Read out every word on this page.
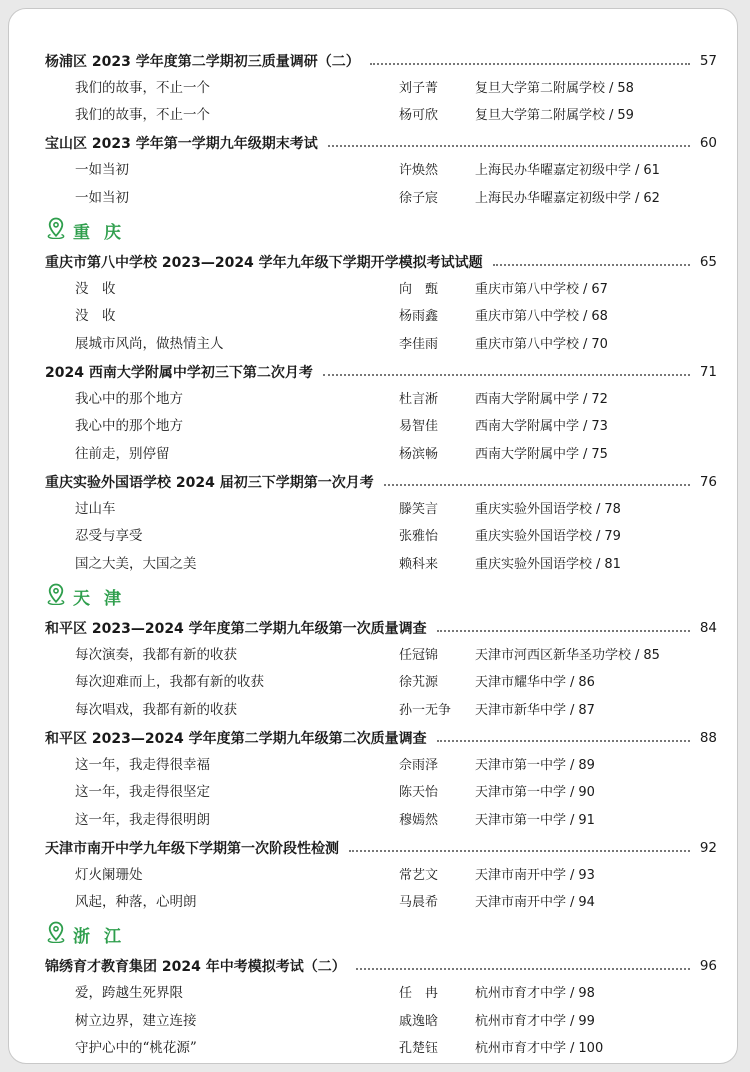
杨浦区 2023 学年度第二学期初三质量调研（二）	57
我们的故事，不止一个	刘子菁	复旦大学第二附属学校 / 58
我们的故事，不止一个	杨可欣	复旦大学第二附属学校 / 59
宝山区 2023 学年第一学期九年级期末考试	60
一如当初	许焕然	上海民办华曜嘉定初级中学 / 61
一如当初	徐子宸	上海民办华曜嘉定初级中学 / 62
重庆
重庆市第八中学校 2023—2024 学年九年级下学期开学模拟考试试题	65
没　收	向　甄	重庆市第八中学校 / 67
没　收	杨雨鑫	重庆市第八中学校 / 68
展城市风尚，做热情主人	李佳雨	重庆市第八中学校 / 70
2024 西南大学附属中学初三下第二次月考	71
我心中的那个地方	杜言淅	西南大学附属中学 / 72
我心中的那个地方	易智佳	西南大学附属中学 / 73
往前走，别停留	杨滨畅	西南大学附属中学 / 75
重庆实验外国语学校 2024 届初三下学期第一次月考	76
过山车	滕笑言	重庆实验外国语学校 / 78
忍受与享受	张雅怡	重庆实验外国语学校 / 79
国之大美，大国之美	赖科来	重庆实验外国语学校 / 81
天津
和平区 2023—2024 学年度第二学期九年级第一次质量调查	84
每次演奏，我都有新的收获	任冠锦	天津市河西区新华圣功学校 / 85
每次迎难而上，我都有新的收获	徐艽源	天津市耀华中学 / 86
每次唱戏，我都有新的收获	孙一无争 天津市新华中学 / 87
和平区 2023—2024 学年度第二学期九年级第二次质量调查	88
这一年，我走得很幸福	佘雨泽	天津市第一中学 / 89
这一年，我走得很坚定	陈天怡	天津市第一中学 / 90
这一年，我走得很明朗	穆嫣然	天津市第一中学 / 91
天津市南开中学九年级下学期第一次阶段性检测	92
灯火阑珊处	常艺文	天津市南开中学 / 93
风起，种落，心明朗	马晨希	天津市南开中学 / 94
浙江
锦绣育才教育集团 2024 年中考模拟考试（二）	96
爱，跨越生死界限	任　冉	杭州市育才中学 / 98
树立边界，建立连接	戚逸晗	杭州市育才中学 / 99
守护心中的“桃花源”	孔楚钰	杭州市育才中学 / 100
